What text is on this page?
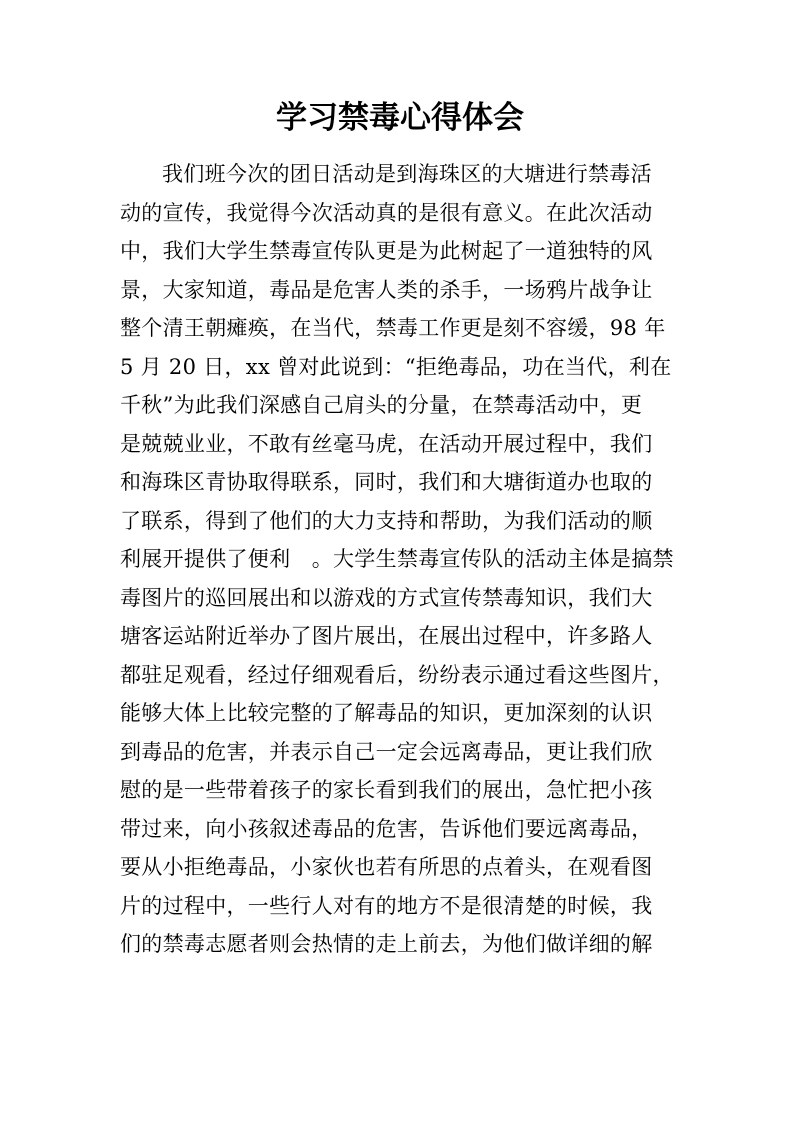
学习禁毒心得体会
我们班今次的团日活动是到海珠区的大塘进行禁毒活
动的宣传，我觉得今次活动真的是很有意义。在此次活动
中，我们大学生禁毒宣传队更是为此树起了一道独特的风
景，大家知道，毒品是危害人类的杀手，一场鸦片战争让
整个清王朝瘫痪，在当代，禁毒工作更是刻不容缓，98 年
5 月 20 日，xx 曾对此说到：“拒绝毒品，功在当代，利在
千秋”为此我们深感自己肩头的分量，在禁毒活动中，更
是兢兢业业，不敢有丝毫马虎，在活动开展过程中，我们
和海珠区青协取得联系，同时，我们和大塘街道办也取的
了联系，得到了他们的大力支持和帮助，为我们活动的顺
利展开提供了便利　。大学生禁毒宣传队的活动主体是搞禁
毒图片的巡回展出和以游戏的方式宣传禁毒知识，我们大
塘客运站附近举办了图片展出，在展出过程中，许多路人
都驻足观看，经过仔细观看后，纷纷表示通过看这些图片，
能够大体上比较完整的了解毒品的知识，更加深刻的认识
到毒品的危害，并表示自己一定会远离毒品，更让我们欣
慰的是一些带着孩子的家长看到我们的展出，急忙把小孩
带过来，向小孩叙述毒品的危害，告诉他们要远离毒品，
要从小拒绝毒品，小家伙也若有所思的点着头，在观看图
片的过程中，一些行人对有的地方不是很清楚的时候，我
们的禁毒志愿者则会热情的走上前去，为他们做详细的解
